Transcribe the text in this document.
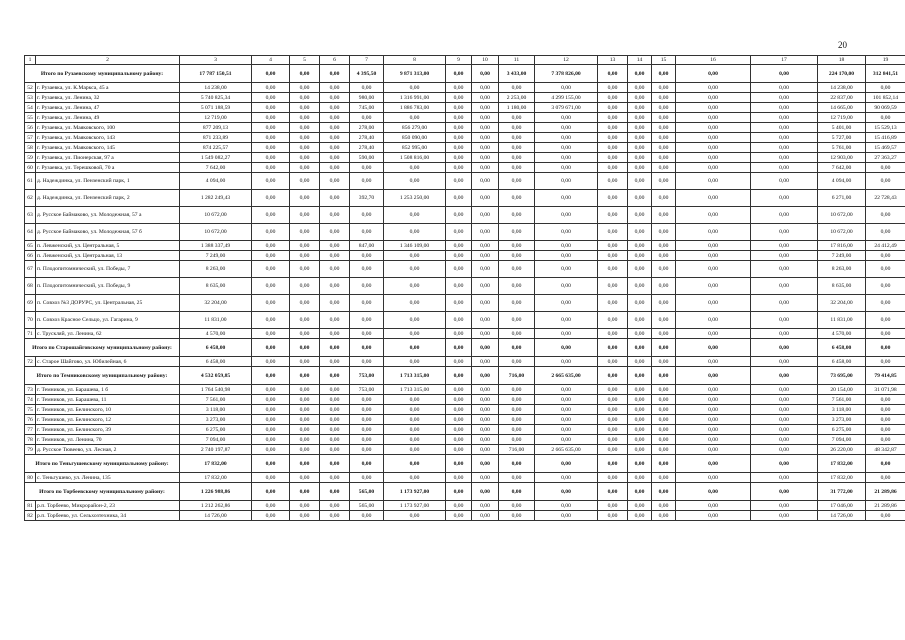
20
1	2	3	4	5	6	7	8	9	10	11	12	13	14	15	16	17	18	19
Итого по Рузаевскому муниципальному району:		17 787 150,51	0,00	0,00	0,00	4 395,50	9 871 313,00	0,00	0,00	3 433,00	7 378 826,00	0,00	0,00	0,00	0,00	0,00	224 170,00	312 841,51
52	г. Рузаевка, ул. К.Маркса, 45 а	14 238,00	0,00	0,00	0,00	0,00	0,00	0,00	0,00	0,00	0,00	0,00	0,00	0,00	0,00	0,00	14 238,00	0,00
53	г. Рузаевка, ул. Ленина, 32	5 740 825,34	0,00	0,00	0,00	980,00	1 316 991,00	0,00	0,00	2 253,00	4 299 155,00	0,00	0,00	0,00	0,00	0,00	22 837,00	101 852,14
54	г. Рузаевка, ул. Ленина, 47	5 071 188,59	0,00	0,00	0,00	745,00	1 886 783,00	0,00	0,00	1 180,00	3 079 671,00	0,00	0,00	0,00	0,00	0,00	14 665,00	90 069,59
55	г. Рузаевка, ул. Ленина, 49	12 719,00	0,00	0,00	0,00	0,00	0,00	0,00	0,00	0,00	0,00	0,00	0,00	0,00	0,00	0,00	12 719,00	0,00
56	г. Рузаевка, ул. Маяковского, 100	877 209,13	0,00	0,00	0,00	278,00	856 279,00	0,00	0,00	0,00	0,00	0,00	0,00	0,00	0,00	0,00	5 401,00	15 529,13
57	г. Рузаевка, ул. Маяковского, 143	871 233,89	0,00	0,00	0,00	278,40	850 090,00	0,00	0,00	0,00	0,00	0,00	0,00	0,00	0,00	0,00	5 727,00	15 416,89
58	г. Рузаевка, ул. Маяковского, 145	874 225,57	0,00	0,00	0,00	278,40	852 995,00	0,00	0,00	0,00	0,00	0,00	0,00	0,00	0,00	0,00	5 761,00	15 469,57
59	г. Рузаевка, ул. Пионерская, 97 а	1 549 082,27	0,00	0,00	0,00	590,00	1 508 816,00	0,00	0,00	0,00	0,00	0,00	0,00	0,00	0,00	0,00	12 903,00	27 363,27
60	г. Рузаевка, ул. Терешковой, 70 а	7 642,00	0,00	0,00	0,00	0,00	0,00	0,00	0,00	0,00	0,00	0,00	0,00	0,00	0,00	0,00	7 642,00	0,00
61	д. Надеждинка, ул. Пензенский парк, 1	4 094,00	0,00	0,00	0,00	0,00	0,00	0,00	0,00	0,00	0,00	0,00	0,00	0,00	0,00	0,00	4 094,00	0,00
62	д. Надеждинка, ул. Пензенский парк, 2	1 282 249,43	0,00	0,00	0,00	392,70	1 253 250,00	0,00	0,00	0,00	0,00	0,00	0,00	0,00	0,00	0,00	6 271,00	22 728,43
63	д. Русское Баймаково, ул. Молодежная, 57 а	10 672,00	0,00	0,00	0,00	0,00	0,00	0,00	0,00	0,00	0,00	0,00	0,00	0,00	0,00	0,00	10 672,00	0,00
64	д. Русское Баймаково, ул. Молодежная, 57 б	10 672,00	0,00	0,00	0,00	0,00	0,00	0,00	0,00	0,00	0,00	0,00	0,00	0,00	0,00	0,00	10 672,00	0,00
65	п. Левженский, ул. Центральная, 5	1 388 337,49	0,00	0,00	0,00	847,00	1 346 109,00	0,00	0,00	0,00	0,00	0,00	0,00	0,00	0,00	0,00	17 816,00	24 412,49
66	п. Левженский, ул. Центральная, 13	7 249,00	0,00	0,00	0,00	0,00	0,00	0,00	0,00	0,00	0,00	0,00	0,00	0,00	0,00	0,00	7 249,00	0,00
67	п. Плодопитомнический, ул. Победы, 7	8 263,00	0,00	0,00	0,00	0,00	0,00	0,00	0,00	0,00	0,00	0,00	0,00	0,00	0,00	0,00	8 263,00	0,00
68	п. Плодопитомнический, ул. Победы, 9	8 635,00	0,00	0,00	0,00	0,00	0,00	0,00	0,00	0,00	0,00	0,00	0,00	0,00	0,00	0,00	8 635,00	0,00
69	п. Совхоз №3 ДОРУРС, ул. Центральная, 25	32 204,00	0,00	0,00	0,00	0,00	0,00	0,00	0,00	0,00	0,00	0,00	0,00	0,00	0,00	0,00	32 204,00	0,00
70	п. Совхоз Красное Сельцо, ул. Гагарина, 9	11 831,00	0,00	0,00	0,00	0,00	0,00	0,00	0,00	0,00	0,00	0,00	0,00	0,00	0,00	0,00	11 831,00	0,00
71	с. Трускляй, ул. Ленина, 62	4 570,00	0,00	0,00	0,00	0,00	0,00	0,00	0,00	0,00	0,00	0,00	0,00	0,00	0,00	0,00	4 570,00	0,00
Итого по Старошайговскому муниципальному району:		6 458,00	0,00	0,00	0,00	0,00	0,00	0,00	0,00	0,00	0,00	0,00	0,00	0,00	0,00	0,00	6 458,00	0,00
72	с. Старое Шайгово, ул. Юбилейная, 6	6 458,00	0,00	0,00	0,00	0,00	0,00	0,00	0,00	0,00	0,00	0,00	0,00	0,00	0,00	0,00	6 458,00	0,00
Итого по Темниковскому муниципальному району:		4 532 059,85	0,00	0,00	0,00	753,00	1 713 315,00	0,00	0,00	716,00	2 665 635,00	0,00	0,00	0,00	0,00	0,00	73 695,00	79 414,85
73	г. Темников, ул. Барашева, 1 б	1 764 540,98	0,00	0,00	0,00	753,00	1 713 315,00	0,00	0,00	0,00	0,00	0,00	0,00	0,00	0,00	0,00	20 154,00	31 071,98
74	г. Темников, ул. Барашева, 11	7 561,00	0,00	0,00	0,00	0,00	0,00	0,00	0,00	0,00	0,00	0,00	0,00	0,00	0,00	0,00	7 561,00	0,00
75	г. Темников, ул. Белинского, 10	3 118,00	0,00	0,00	0,00	0,00	0,00	0,00	0,00	0,00	0,00	0,00	0,00	0,00	0,00	0,00	3 118,00	0,00
76	г. Темников, ул. Белинского, 12	3 273,00	0,00	0,00	0,00	0,00	0,00	0,00	0,00	0,00	0,00	0,00	0,00	0,00	0,00	0,00	3 273,00	0,00
77	г. Темников, ул. Белинского, 39	6 275,00	0,00	0,00	0,00	0,00	0,00	0,00	0,00	0,00	0,00	0,00	0,00	0,00	0,00	0,00	6 275,00	0,00
78	г. Темников, ул. Ленина, 70	7 094,00	0,00	0,00	0,00	0,00	0,00	0,00	0,00	0,00	0,00	0,00	0,00	0,00	0,00	0,00	7 094,00	0,00
79	д. Русское Тювеево, ул. Лесная, 2	2 740 197,87	0,00	0,00	0,00	0,00	0,00	0,00	0,00	716,00	2 665 635,00	0,00	0,00	0,00	0,00	0,00	26 220,00	48 342,87
Итого по Теньгушевскому муниципальному району:		17 832,00	0,00	0,00	0,00	0,00	0,00	0,00	0,00	0,00	0,00	0,00	0,00	0,00	0,00	0,00	17 832,00	0,00
80	с. Теньгушево, ул. Ленина, 135	17 832,00	0,00	0,00	0,00	0,00	0,00	0,00	0,00	0,00	0,00	0,00	0,00	0,00	0,00	0,00	17 832,00	0,00
Итого по Торбеевскому муниципальному району:		1 226 988,86	0,00	0,00	0,00	565,00	1 173 927,00	0,00	0,00	0,00	0,00	0,00	0,00	0,00	0,00	0,00	31 772,00	21 289,86
81	р.п. Торбеево, Микрорайон-2, 23	1 212 262,86	0,00	0,00	0,00	565,00	1 173 927,00	0,00	0,00	0,00	0,00	0,00	0,00	0,00	0,00	0,00	17 046,00	21 289,86
82	р.п. Торбеево, ул. Сельхозтехника, 34	14 726,00	0,00	0,00	0,00	0,00	0,00	0,00	0,00	0,00	0,00	0,00	0,00	0,00	0,00	0,00	14 726,00	0,00
